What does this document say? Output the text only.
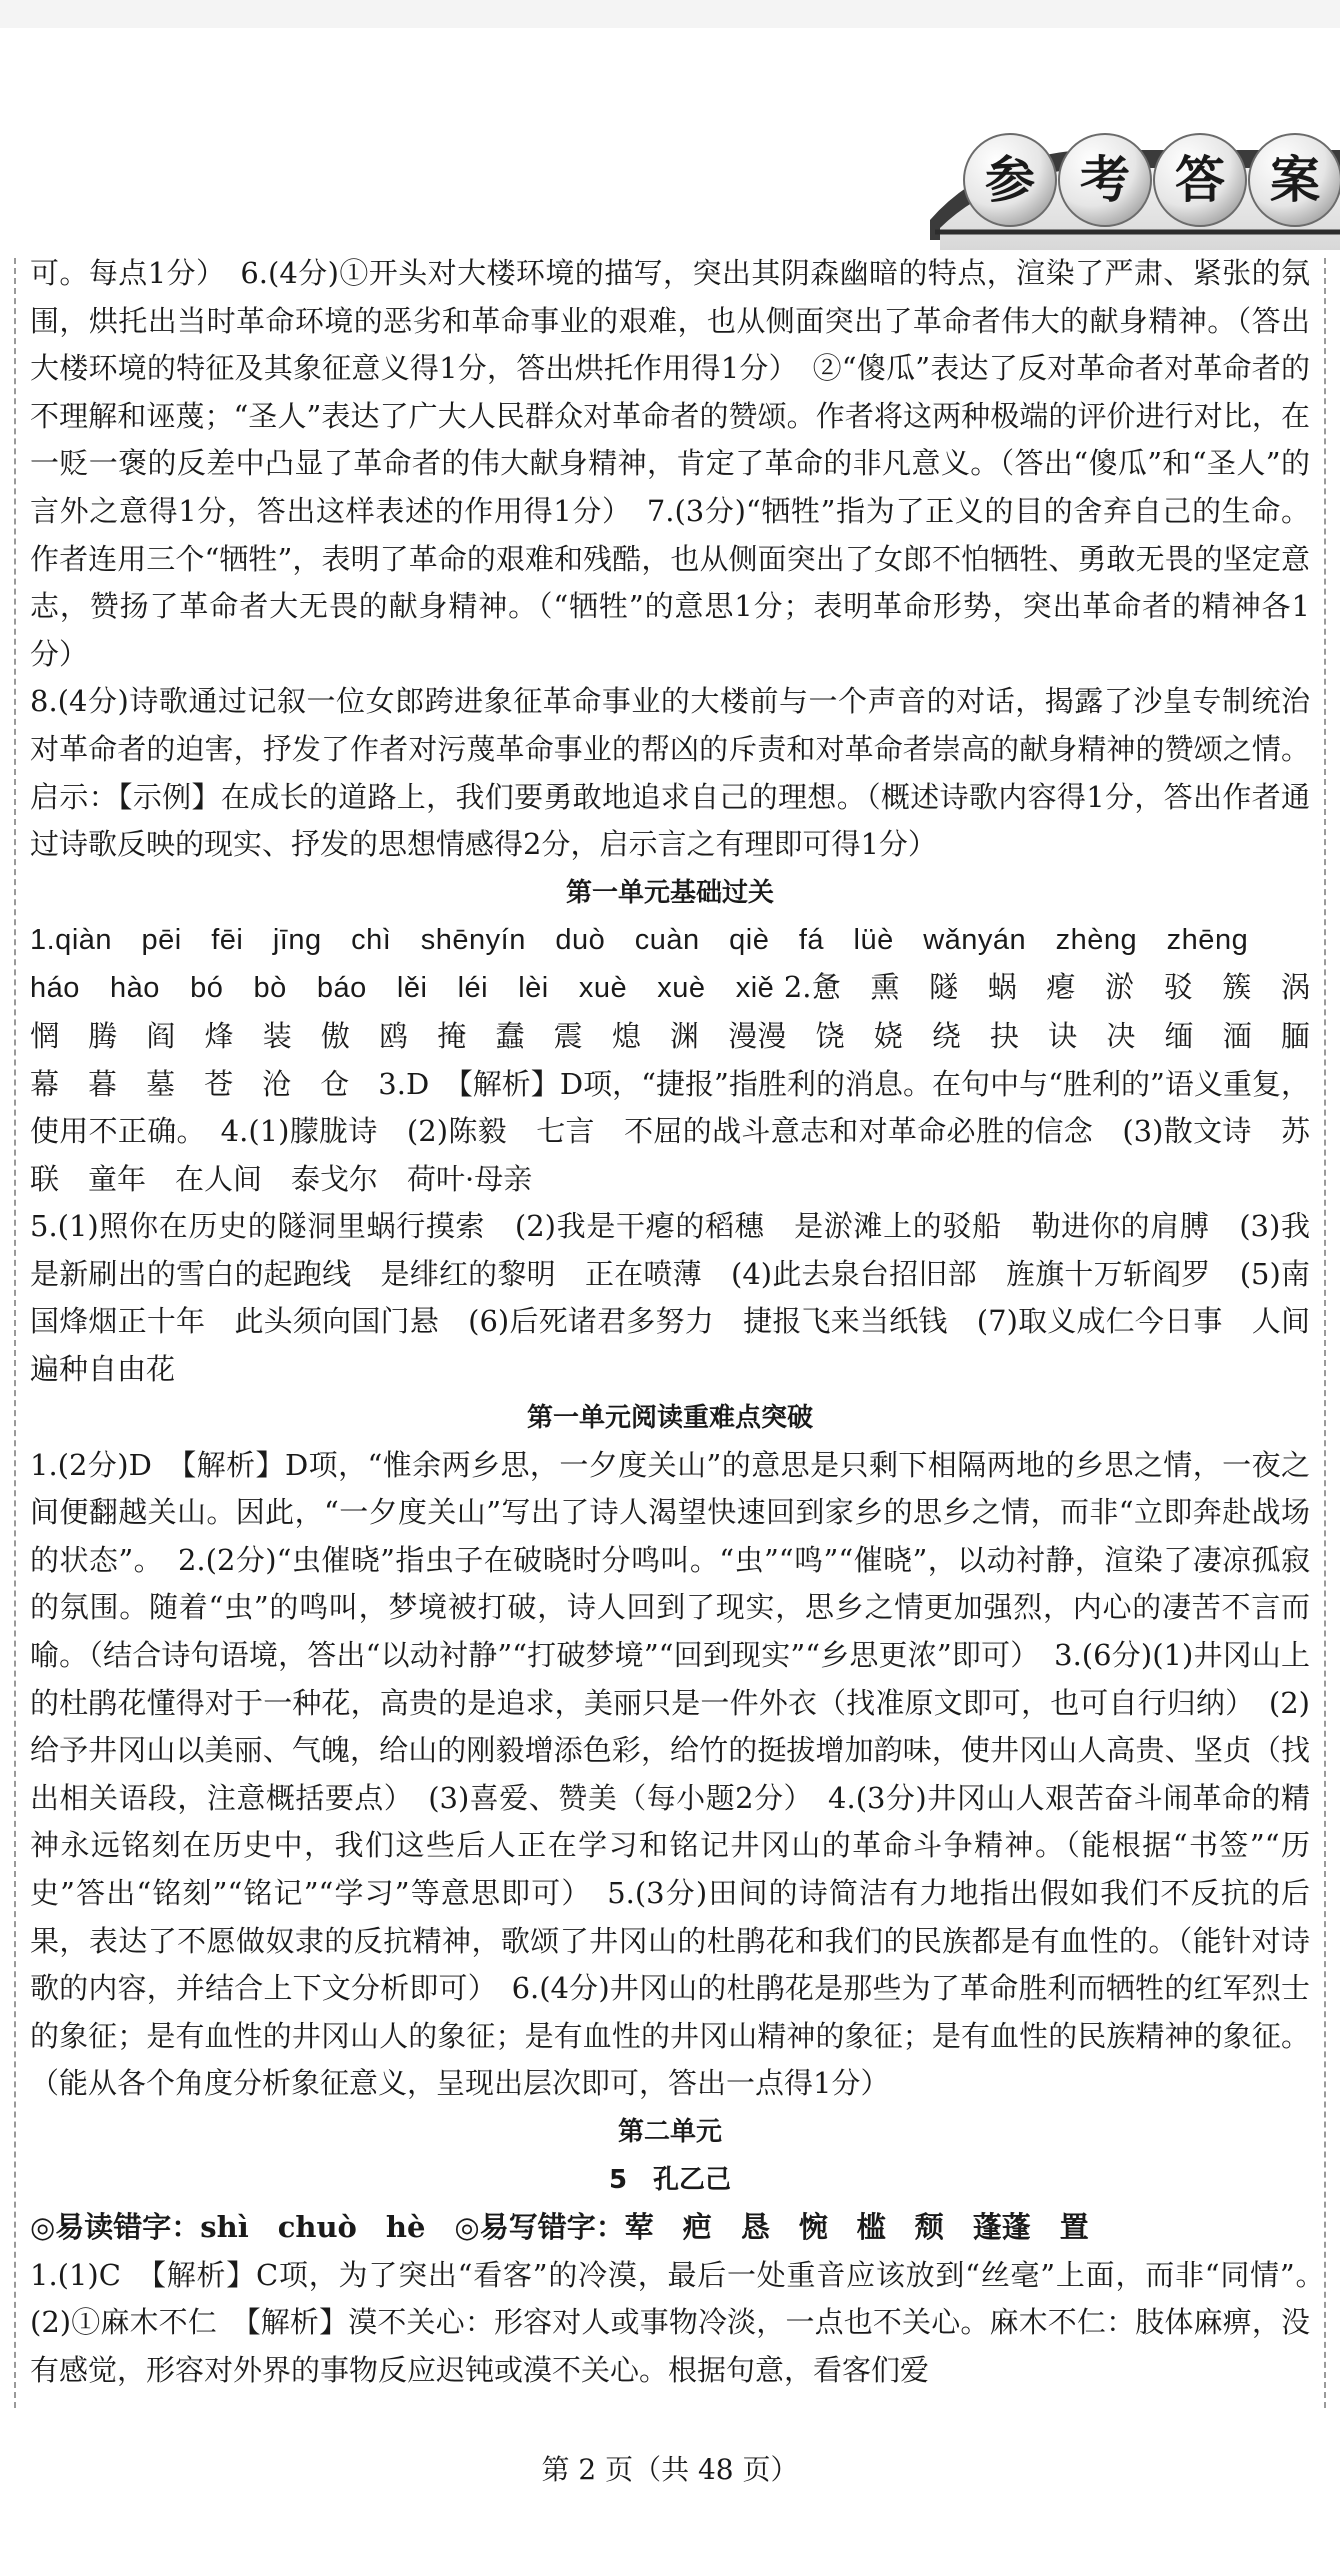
参 考 答 案

可。每点1分）　6.(4分)①开头对大楼环境的描写，突出其阴森幽暗的特点，渲染了严肃、紧张的氛围，烘托出当时革命环境的恶劣和革命事业的艰难，也从侧面突出了革命者伟大的献身精神。（答出大楼环境的特征及其象征意义得1分，答出烘托作用得1分）　②“傻瓜”表达了反对革命者对革命者的不理解和诬蔑；“圣人”表达了广大人民群众对革命者的赞颂。作者将这两种极端的评价进行对比，在一贬一褒的反差中凸显了革命者的伟大献身精神，肯定了革命的非凡意义。（答出“傻瓜”和“圣人”的言外之意得1分，答出这样表述的作用得1分）　7.(3分)“牺牲”指为了正义的目的舍弃自己的生命。作者连用三个“牺牲”，表明了革命的艰难和残酷，也从侧面突出了女郎不怕牺牲、勇敢无畏的坚定意志，赞扬了革命者大无畏的献身精神。（“牺牲”的意思1分；表明革命形势，突出革命者的精神各1分）

8.(4分)诗歌通过记叙一位女郎跨进象征革命事业的大楼前与一个声音的对话，揭露了沙皇专制统治对革命者的迫害，抒发了作者对污蔑革命事业的帮凶的斥责和对革命者崇高的献身精神的赞颂之情。启示：【示例】在成长的道路上，我们要勇敢地追求自己的理想。（概述诗歌内容得1分，答出作者通过诗歌反映的现实、抒发的思想情感得2分，启示言之有理即可得1分）

第一单元基础过关

1.qiàn　pēi　fēi　jīng　chì　shēnyín　duò　cuàn　qiè　fá　lüè　wǎnyán　zhèng　zhēng

háo　hào　bó　bò　báo　lěi　léi　lèi　xuè　xuè　xiě 2.惫　熏　隧　蜗　瘪　淤　驳　簇　涡　惘　腾　阎　烽　装　傲　鸥　掩　蠢　震　熄　渊　漫漫　饶　娆　绕　抉　诀　决　缅　湎　腼　幕　暮　墓　苍　沧　仓　3.D　【解析】D项，“捷报”指胜利的消息。在句中与“胜利的”语义重复，使用不正确。　4.(1)朦胧诗　(2)陈毅　七言　不屈的战斗意志和对革命必胜的信念　(3)散文诗　苏联　童年　在人间　泰戈尔　荷叶·母亲

5.(1)照你在历史的隧洞里蜗行摸索　(2)我是干瘪的稻穗　是淤滩上的驳船　勒进你的肩膊　(3)我是新刷出的雪白的起跑线　是绯红的黎明　正在喷薄　(4)此去泉台招旧部　旌旗十万斩阎罗　(5)南国烽烟正十年　此头须向国门悬　(6)后死诸君多努力　捷报飞来当纸钱　(7)取义成仁今日事　人间遍种自由花

第一单元阅读重难点突破

1.(2分)D　【解析】D项，“惟余两乡思，一夕度关山”的意思是只剩下相隔两地的乡思之情，一夜之间便翻越关山。因此，“一夕度关山”写出了诗人渴望快速回到家乡的思乡之情，而非“立即奔赴战场的状态”。　2.(2分)“虫催晓”指虫子在破晓时分鸣叫。“虫”“鸣”“催晓”，以动衬静，渲染了凄凉孤寂的氛围。随着“虫”的鸣叫，梦境被打破，诗人回到了现实，思乡之情更加强烈，内心的凄苦不言而喻。（结合诗句语境，答出“以动衬静”“打破梦境”“回到现实”“乡思更浓”即可）　3.(6分)(1)井冈山上的杜鹃花懂得对于一种花，高贵的是追求，美丽只是一件外衣（找准原文即可，也可自行归纳）　(2)给予井冈山以美丽、气魄，给山的刚毅增添色彩，给竹的挺拔增加韵味，使井冈山人高贵、坚贞（找出相关语段，注意概括要点）　(3)喜爱、赞美（每小题2分）　4.(3分)井冈山人艰苦奋斗闹革命的精神永远铭刻在历史中，我们这些后人正在学习和铭记井冈山的革命斗争精神。（能根据“书签”“历史”答出“铭刻”“铭记”“学习”等意思即可）　5.(3分)田间的诗简洁有力地指出假如我们不反抗的后果，表达了不愿做奴隶的反抗精神，歌颂了井冈山的杜鹃花和我们的民族都是有血性的。（能针对诗歌的内容，并结合上下文分析即可）　6.(4分)井冈山的杜鹃花是那些为了革命胜利而牺牲的红军烈士的象征；是有血性的井冈山人的象征；是有血性的井冈山精神的象征；是有血性的民族精神的象征。（能从各个角度分析象征意义，呈现出层次即可，答出一点得1分）

第二单元

5　孔乙己

◎易读错字：shì　chuò　hè　◎易写错字：荤　疤　恳　惋　槛　颓　蓬蓬　置

1.(1)C　【解析】C项，为了突出“看客”的冷漠，最后一处重音应该放到“丝毫”上面，而非“同情”。　(2)①麻木不仁　【解析】漠不关心：形容对人或事物冷淡，一点也不关心。麻木不仁：肢体麻痹，没有感觉，形容对外界的事物反应迟钝或漠不关心。根据句意，看客们爱

第 2 页（共 48 页）
